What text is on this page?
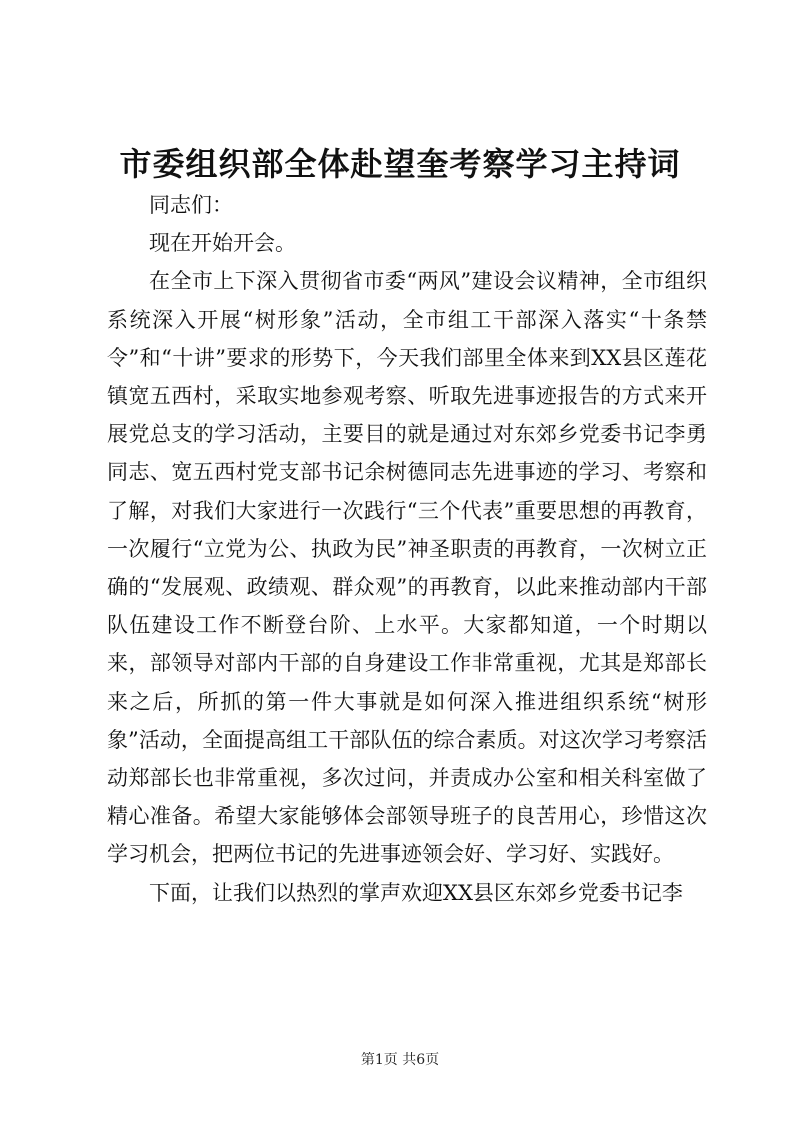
市委组织部全体赴望奎考察学习主持词

同志们：

现在开始开会。

在全市上下深入贯彻省市委“两风”建设会议精神，全市组织系统深入开展“树形象”活动，全市组工干部深入落实“十条禁令”和“十讲”要求的形势下，今天我们部里全体来到XX县区莲花镇宽五西村，采取实地参观考察、听取先进事迹报告的方式来开展党总支的学习活动，主要目的就是通过对东郊乡党委书记李勇同志、宽五西村党支部书记余树德同志先进事迹的学习、考察和了解，对我们大家进行一次践行“三个代表”重要思想的再教育，一次履行“立党为公、执政为民”神圣职责的再教育，一次树立正确的“发展观、政绩观、群众观”的再教育，以此来推动部内干部队伍建设工作不断登台阶、上水平。大家都知道，一个时期以来，部领导对部内干部的自身建设工作非常重视，尤其是郑部长来之后，所抓的第一件大事就是如何深入推进组织系统“树形象”活动，全面提高组工干部队伍的综合素质。对这次学习考察活动郑部长也非常重视，多次过问，并责成办公室和相关科室做了精心准备。希望大家能够体会部领导班子的良苦用心，珍惜这次学习机会，把两位书记的先进事迹领会好、学习好、实践好。

下面，让我们以热烈的掌声欢迎XX县区东郊乡党委书记李

第1页 共6页
